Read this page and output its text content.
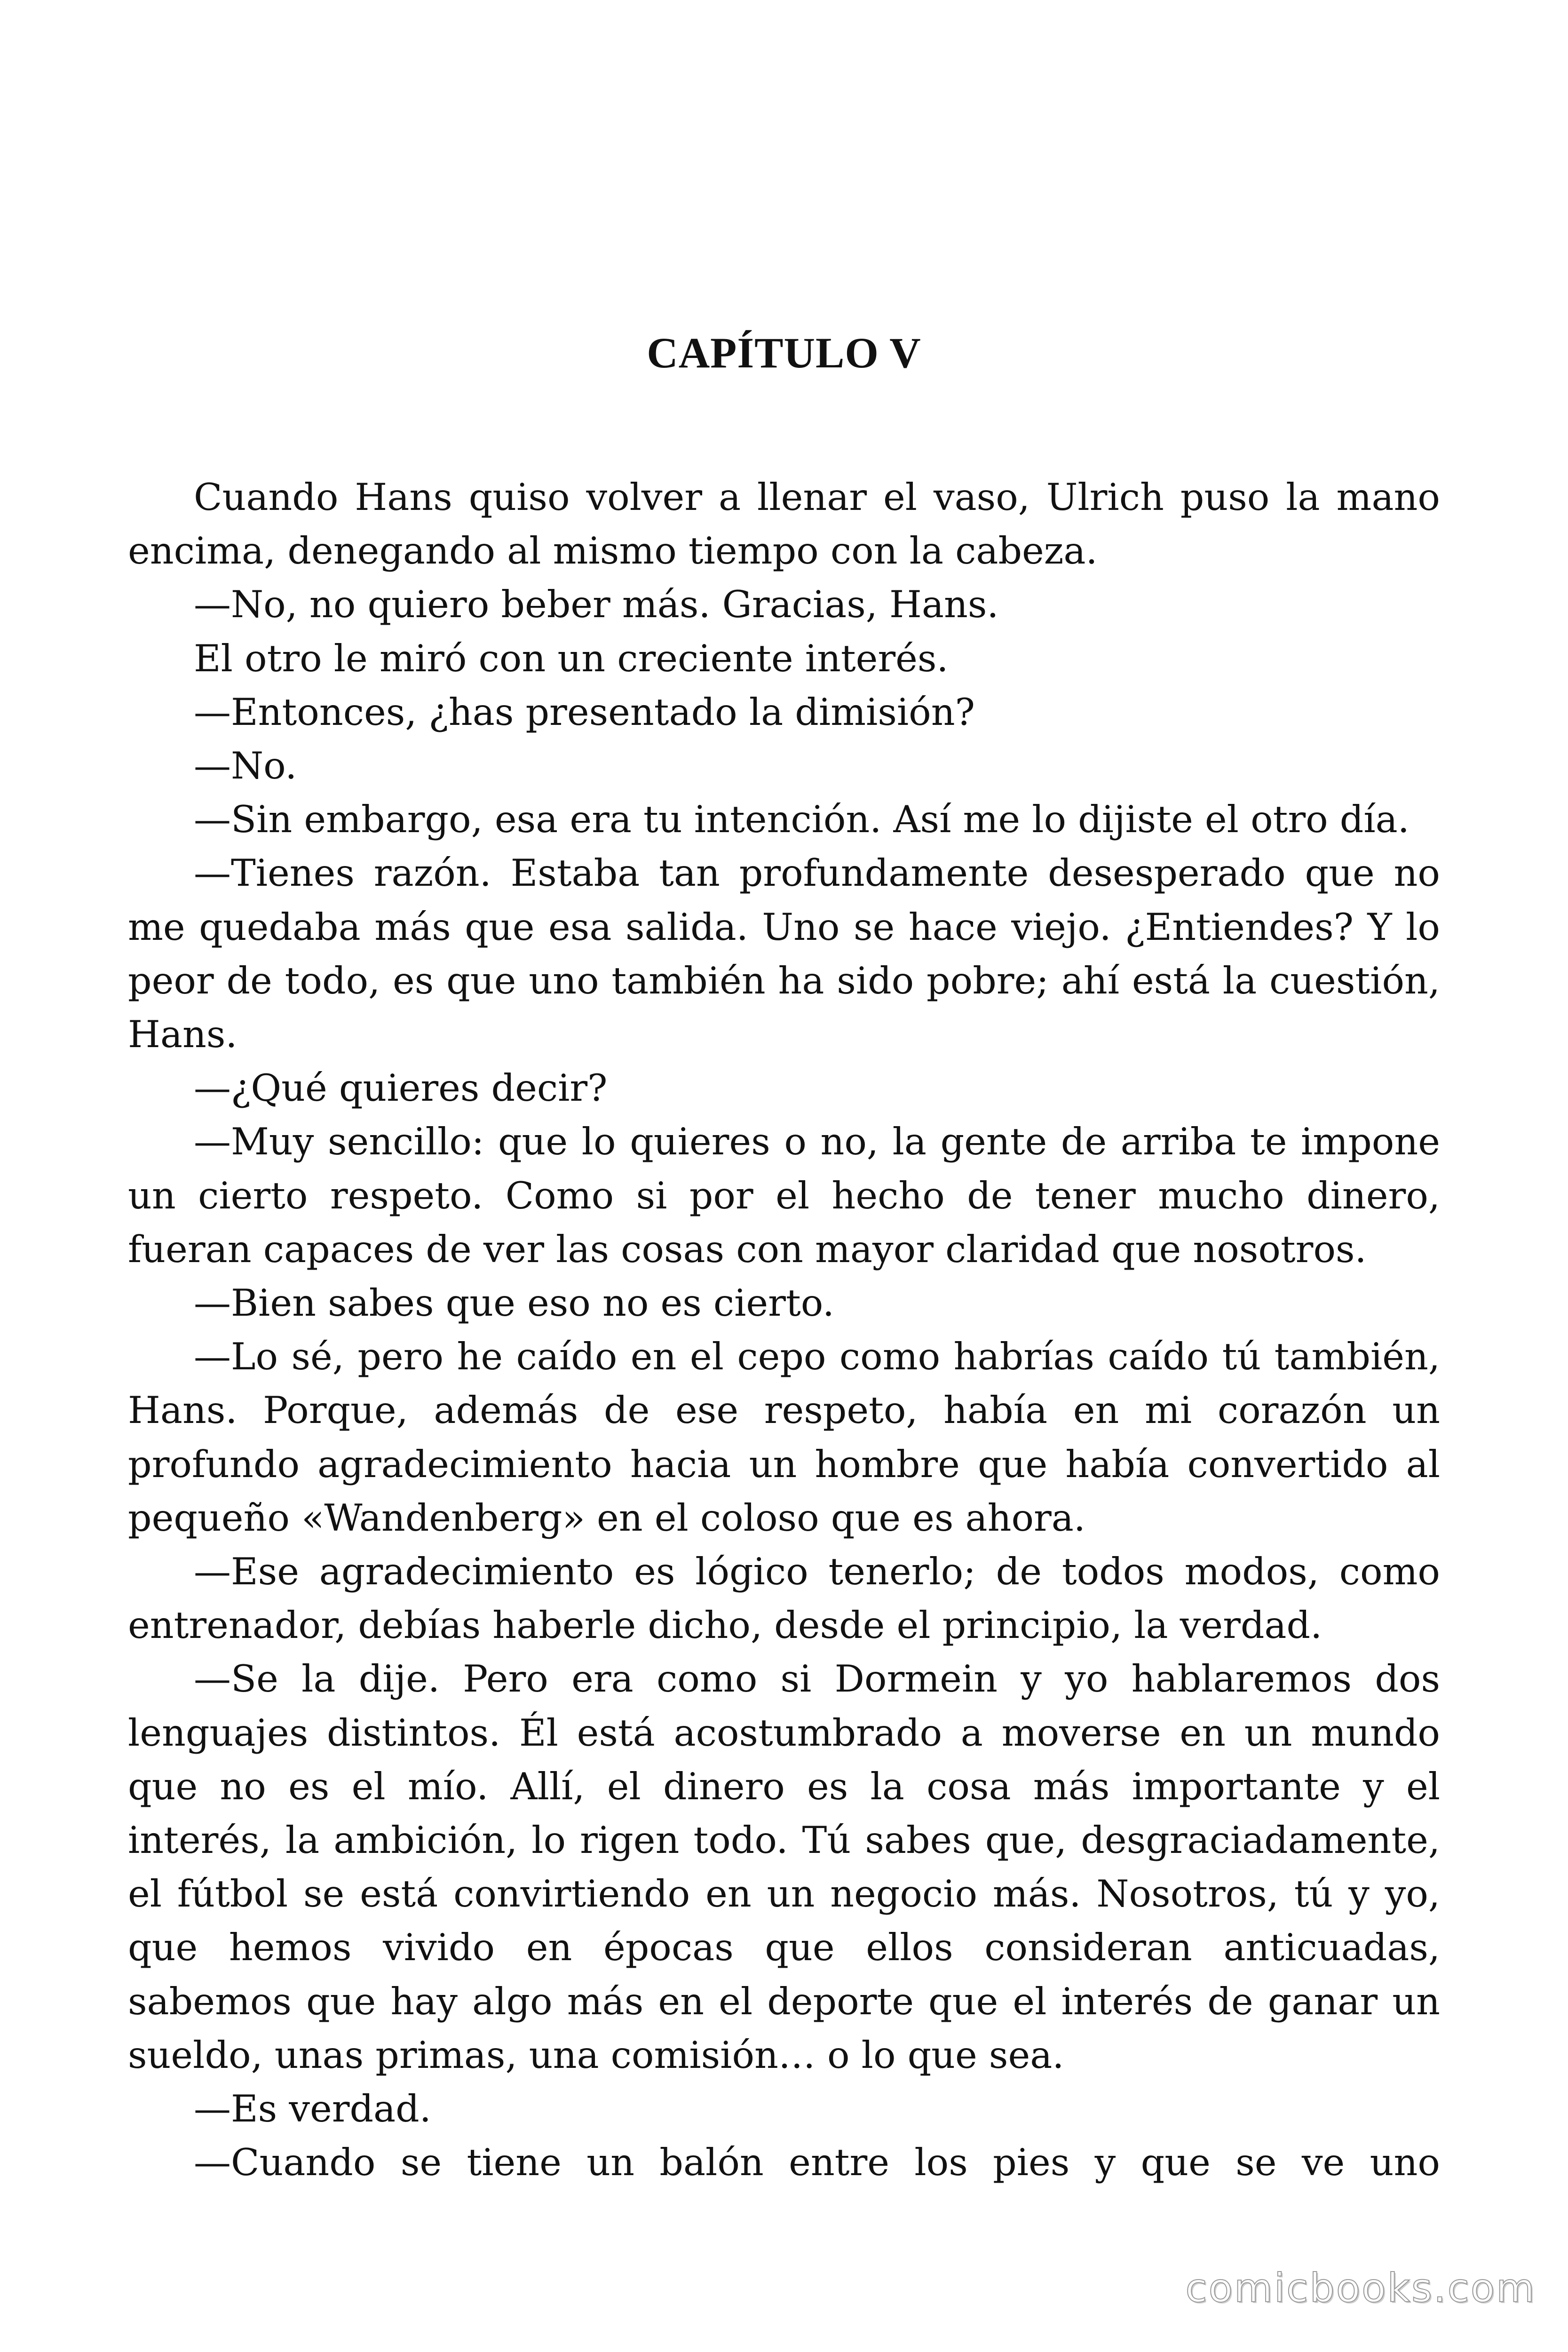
CAPÍTULO V

Cuando Hans quiso volver a llenar el vaso, Ulrich puso la mano encima, denegando al mismo tiempo con la cabeza.

—No, no quiero beber más. Gracias, Hans.

El otro le miró con un creciente interés.

—Entonces, ¿has presentado la dimisión?

—No.

—Sin embargo, esa era tu intención. Así me lo dijiste el otro día.

—Tienes razón. Estaba tan profundamente desesperado que no me quedaba más que esa salida. Uno se hace viejo. ¿Entiendes? Y lo peor de todo, es que uno también ha sido pobre; ahí está la cuestión, Hans.

—¿Qué quieres decir?

—Muy sencillo: que lo quieres o no, la gente de arriba te impone un cierto respeto. Como si por el hecho de tener mucho dinero, fueran capaces de ver las cosas con mayor claridad que nosotros.

—Bien sabes que eso no es cierto.

—Lo sé, pero he caído en el cepo como habrías caído tú también, Hans. Porque, además de ese respeto, había en mi corazón un profundo agradecimiento hacia un hombre que había convertido al pequeño «Wandenberg» en el coloso que es ahora.

—Ese agradecimiento es lógico tenerlo; de todos modos, como entrenador, debías haberle dicho, desde el principio, la verdad.

—Se la dije. Pero era como si Dormein y yo hablaremos dos lenguajes distintos. Él está acostumbrado a moverse en un mundo que no es el mío. Allí, el dinero es la cosa más importante y el interés, la ambición, lo rigen todo. Tú sabes que, desgraciadamente, el fútbol se está convirtiendo en un negocio más. Nosotros, tú y yo, que hemos vivido en épocas que ellos consideran anticuadas, sabemos que hay algo más en el deporte que el interés de ganar un sueldo, unas primas, una comisión… o lo que sea.

—Es verdad.

—Cuando se tiene un balón entre los pies y que se ve uno

comicbooks.com
